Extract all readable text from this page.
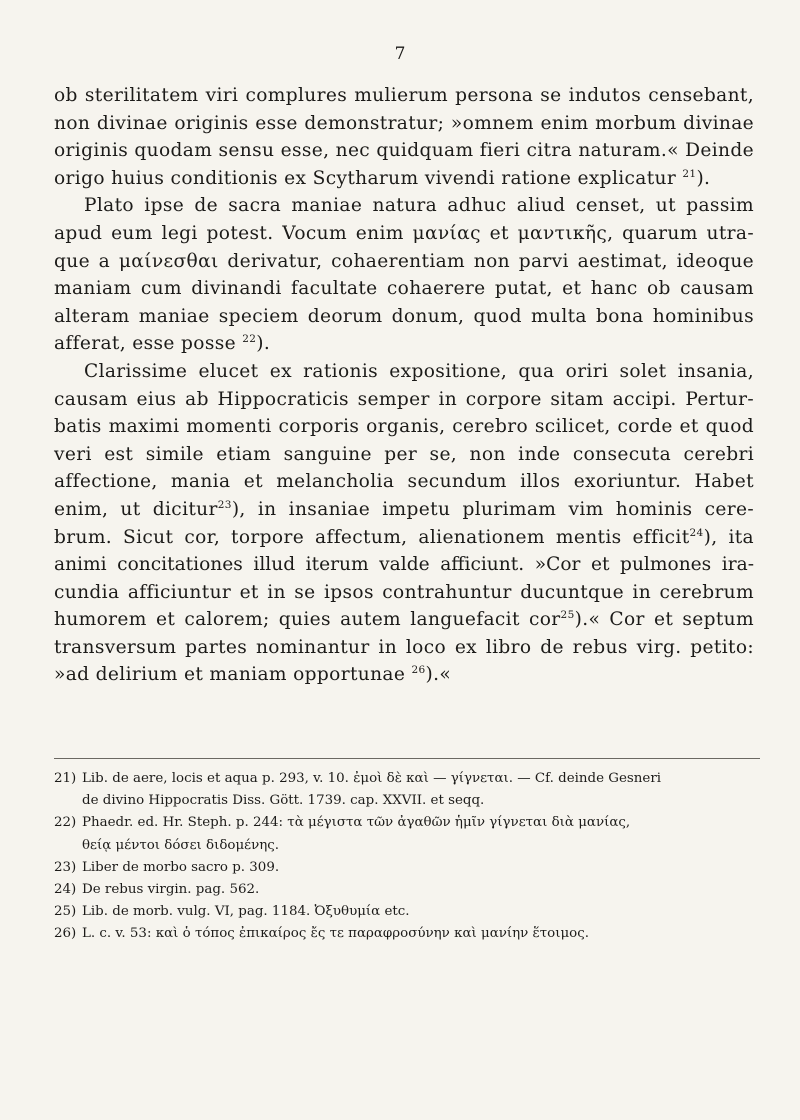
7
ob sterilitatem viri complures mulierum persona se indutos censebant,
non divinae originis esse demonstratur; »omnem enim morbum divinae
originis quodam sensu esse, nec quidquam fieri citra naturam.« Deinde
origo huius conditionis ex Scytharum vivendi ratione explicatur $^{21}$).
Plato ipse de sacra maniae natura adhuc aliud censet, ut passim
apud eum legi potest. Vocum enim μανίας et μαντικῆς, quarum utra-
que a μαίνεσθαι derivatur, cohaerentiam non parvi aestimat, ideoque
maniam cum divinandi facultate cohaerere putat, et hanc ob causam
alteram maniae speciem deorum donum, quod multa bona hominibus
afferat, esse posse $^{22}$).
Clarissime elucet ex rationis expositione, qua oriri solet insania,
causam eius ab Hippocraticis semper in corpore sitam accipi. Pertur-
batis maximi momenti corporis organis, cerebro scilicet, corde et quod
veri est simile etiam sanguine per se, non inde consecuta cerebri
affectione, mania et melancholia secundum illos exoriuntur. Habet
enim, ut dicitur$^{23}$), in insaniae impetu plurimam vim hominis cere-
brum. Sicut cor, torpore affectum, alienationem mentis efficit$^{24}$), ita
animi concitationes illud iterum valde afficiunt. »Cor et pulmones ira-
cundia afficiuntur et in se ipsos contrahuntur ducuntque in cerebrum
humorem et calorem; quies autem languefacit cor$^{25}$).« Cor et septum
transversum partes nominantur in loco ex libro de rebus virg. petito:
»ad delirium et maniam opportunae $^{26}$).«
21) Lib. de aere, locis et aqua p. 293, v. 10. ἐμοὶ δὲ καὶ — γίγνεται. — Cf. deinde Gesneri
de divino Hippocratis Diss. Gött. 1739. cap. XXVII. et seqq.
22) Phaedr. ed. Hr. Steph. p. 244: τὰ μέγιστα τῶν ἀγαθῶν ἡμῖν γίγνεται διὰ μανίας,
θείᾳ μέντοι δόσει διδομένης.
23) Liber de morbo sacro p. 309.
24) De rebus virgin. pag. 562.
25) Lib. de morb. vulg. VI, pag. 1184. Ὀξυθυμία etc.
26) L. c. v. 53: καὶ ὁ τόπος ἐπικαίρος ἔς τε παραφροσύνην καὶ μανίην ἕτοιμος.
